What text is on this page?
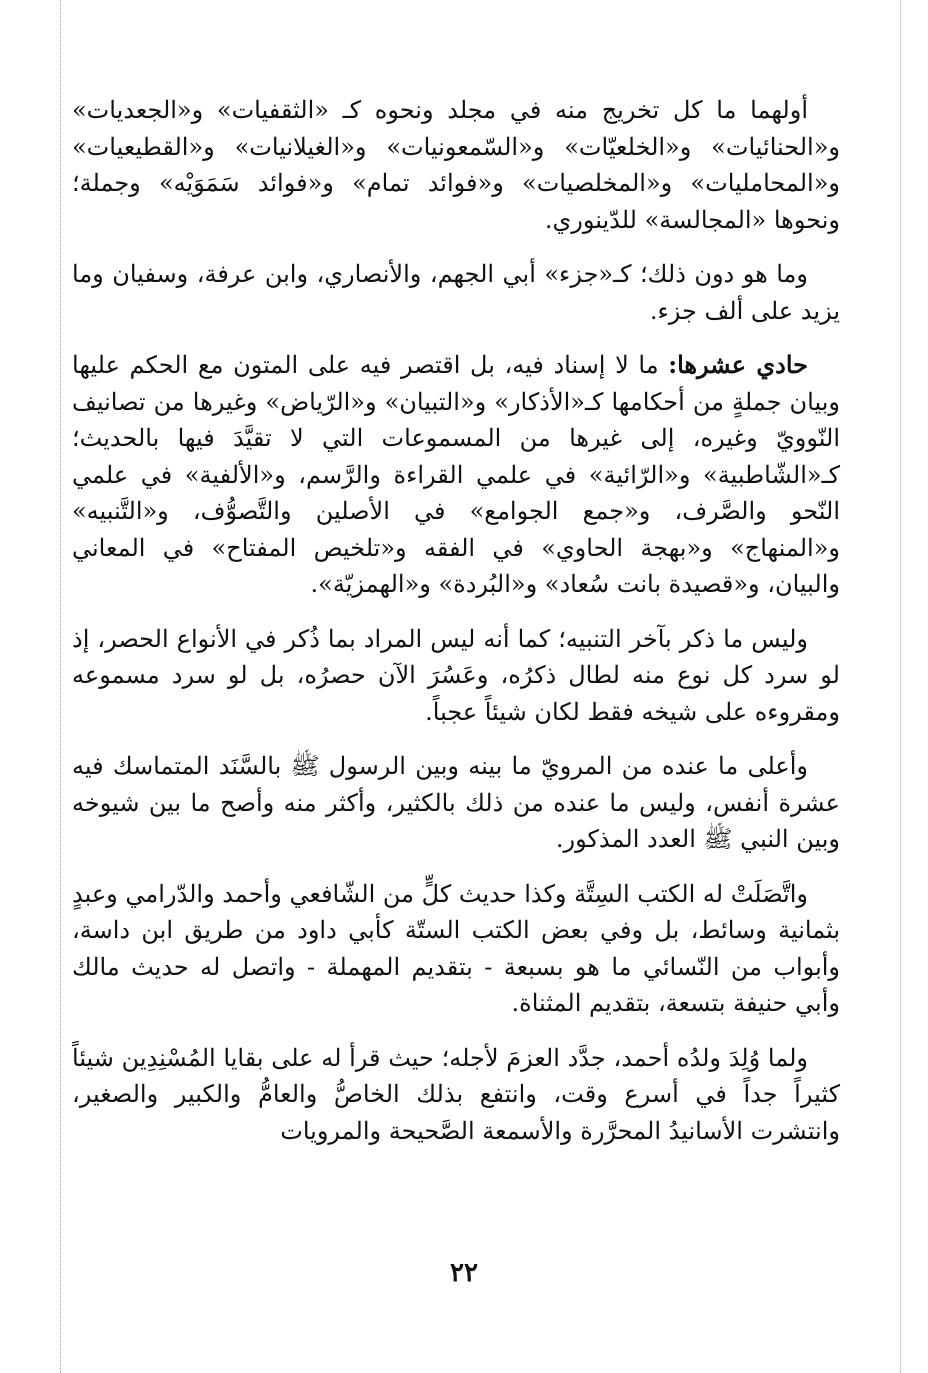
أولهما ما كل تخريج منه في مجلد ونحوه كـ «الثقفيات» و«الجعديات» و«الحنائيات» و«الخلعيّات» و«السّمعونيات» و«الغيلانيات» و«القطيعيات» و«المحامليات» و«المخلصيات» و«فوائد تمام» و«فوائد سَمَوَيْه» وجملة؛ ونحوها «المجالسة» للدّينوري.

وما هو دون ذلك؛ كـ«جزء» أبي الجهم، والأنصاري، وابن عرفة، وسفيان وما يزيد على ألف جزء.

حادي عشرها: ما لا إسناد فيه، بل اقتصر فيه على المتون مع الحكم عليها وبيان جملةٍ من أحكامها كـ«الأذكار» و«التبيان» و«الرّياض» وغيرها من تصانيف النّوويّ وغيره، إلى غيرها من المسموعات التي لا تقيَّدَ فيها بالحديث؛ كـ«الشّاطبية» و«الرّائية» في علمي القراءة والرَّسم، و«الألفية» في علمي النّحو والصَّرف، و«جمع الجوامع» في الأصلين والتَّصوُّف، و«التَّنبيه» و«المنهاج» و«بهجة الحاوي» في الفقه و«تلخيص المفتاح» في المعاني والبيان، و«قصيدة بانت سُعاد» و«البُردة» و«الهمزيّة».

وليس ما ذكر بآخر التنبيه؛ كما أنه ليس المراد بما ذُكر في الأنواع الحصر، إذ لو سرد كل نوع منه لطال ذكرُه، وعَسُرَ الآن حصرُه، بل لو سرد مسموعه ومقروءه على شيخه فقط لكان شيئاً عجباً.

وأعلى ما عنده من المرويّ ما بينه وبين الرسول ﷺ بالسَّنَد المتماسك فيه عشرة أنفس، وليس ما عنده من ذلك بالكثير، وأكثر منه وأصح ما بين شيوخه وبين النبي ﷺ العدد المذكور.

واتَّصَلَتْ له الكتب السِتَّة وكذا حديث كلٍّ من الشّافعي وأحمد والدّرامي وعبدٍ بثمانية وسائط، بل وفي بعض الكتب الستّة كأبي داود من طريق ابن داسة، وأبواب من النّسائي ما هو بسبعة - بتقديم المهملة - واتصل له حديث مالك وأبي حنيفة بتسعة، بتقديم المثناة.

ولما وُلِدَ ولدُه أحمد، جدَّد العزمَ لأجله؛ حيث قرأ له على بقايا المُسْنِدِين شيئاً كثيراً جداً في أسرع وقت، وانتفع بذلك الخاصُّ والعامُّ والكبير والصغير، وانتشرت الأسانيدُ المحرَّرة والأسمعة الصَّحيحة والمرويات

٢٢
